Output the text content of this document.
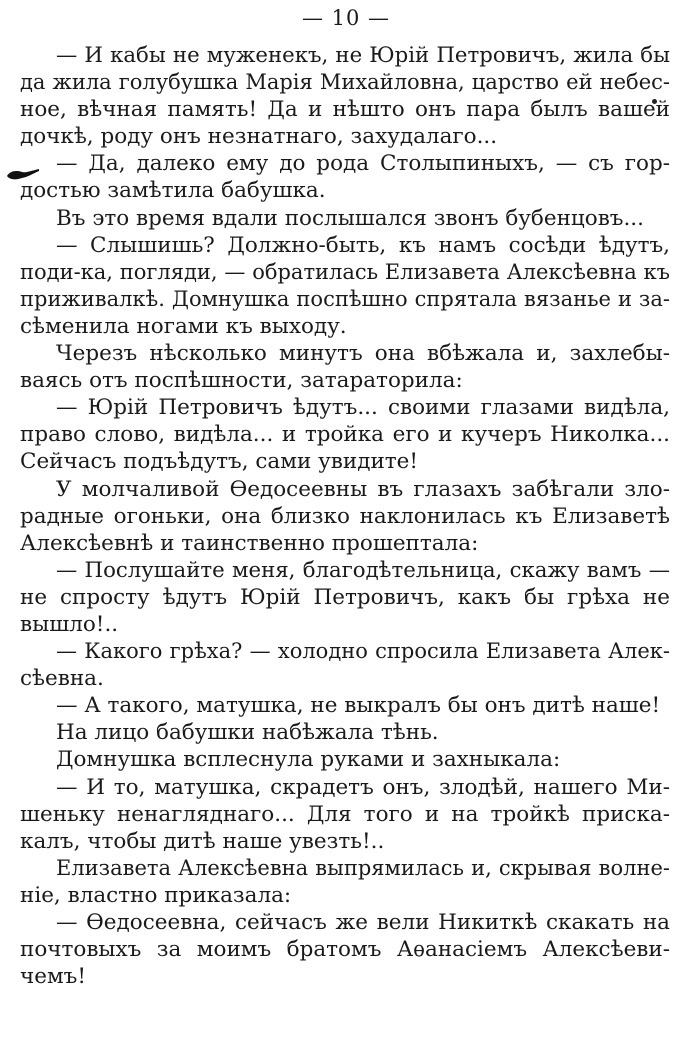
— 10 —
— И кабы не муженекъ, не Юрій Петровичъ, жила бы
да жила голубушка Марія Михайловна, царство ей небес-
ное, вѣчная память! Да и нѣшто онъ пара былъ вашей
дочкѣ, роду онъ незнатнаго, захудалаго...
— Да, далеко ему до рода Столыпиныхъ, — съ гор-
достью замѣтила бабушка.
Въ это время вдали послышался звонъ бубенцовъ...
— Слышишь? Должно-быть, къ намъ сосѣди ѣдутъ,
поди-ка, погляди, — обратилась Елизавета Алексѣевна къ
приживалкѣ. Домнушка поспѣшно спрятала вязанье и за-
сѣменила ногами къ выходу.
Черезъ нѣсколько минутъ она вбѣжала и, захлебы-
ваясь отъ поспѣшности, затараторила:
— Юрій Петровичъ ѣдутъ... своими глазами видѣла,
право слово, видѣла... и тройка его и кучеръ Николка...
Сейчасъ подъѣдутъ, сами увидите!
У молчаливой Ѳедосеевны въ глазахъ забѣгали зло-
радные огоньки, она близко наклонилась къ Елизаветѣ
Алексѣевнѣ и таинственно прошептала:
— Послушайте меня, благодѣтельница, скажу вамъ —
не спросту ѣдутъ Юрій Петровичъ, какъ бы грѣха не
вышло!..
— Какого грѣха? — холодно спросила Елизавета Алек-
сѣевна.
— А такого, матушка, не выкралъ бы онъ дитѣ наше!
На лицо бабушки набѣжала тѣнь.
Домнушка всплеснула руками и захныкала:
— И то, матушка, скрадетъ онъ, злодѣй, нашего Ми-
шеньку ненагляднаго... Для того и на тройкѣ прискa-
калъ, чтобы дитѣ наше увезть!..
Елизавета Алексѣевна выпрямилась и, скрывая волне-
ніе, властно приказала:
— Ѳедосеевна, сейчасъ же вели Никиткѣ скакать на
почтовыхъ за моимъ братомъ Аѳанасіемъ Алексѣеви-
чемъ!
